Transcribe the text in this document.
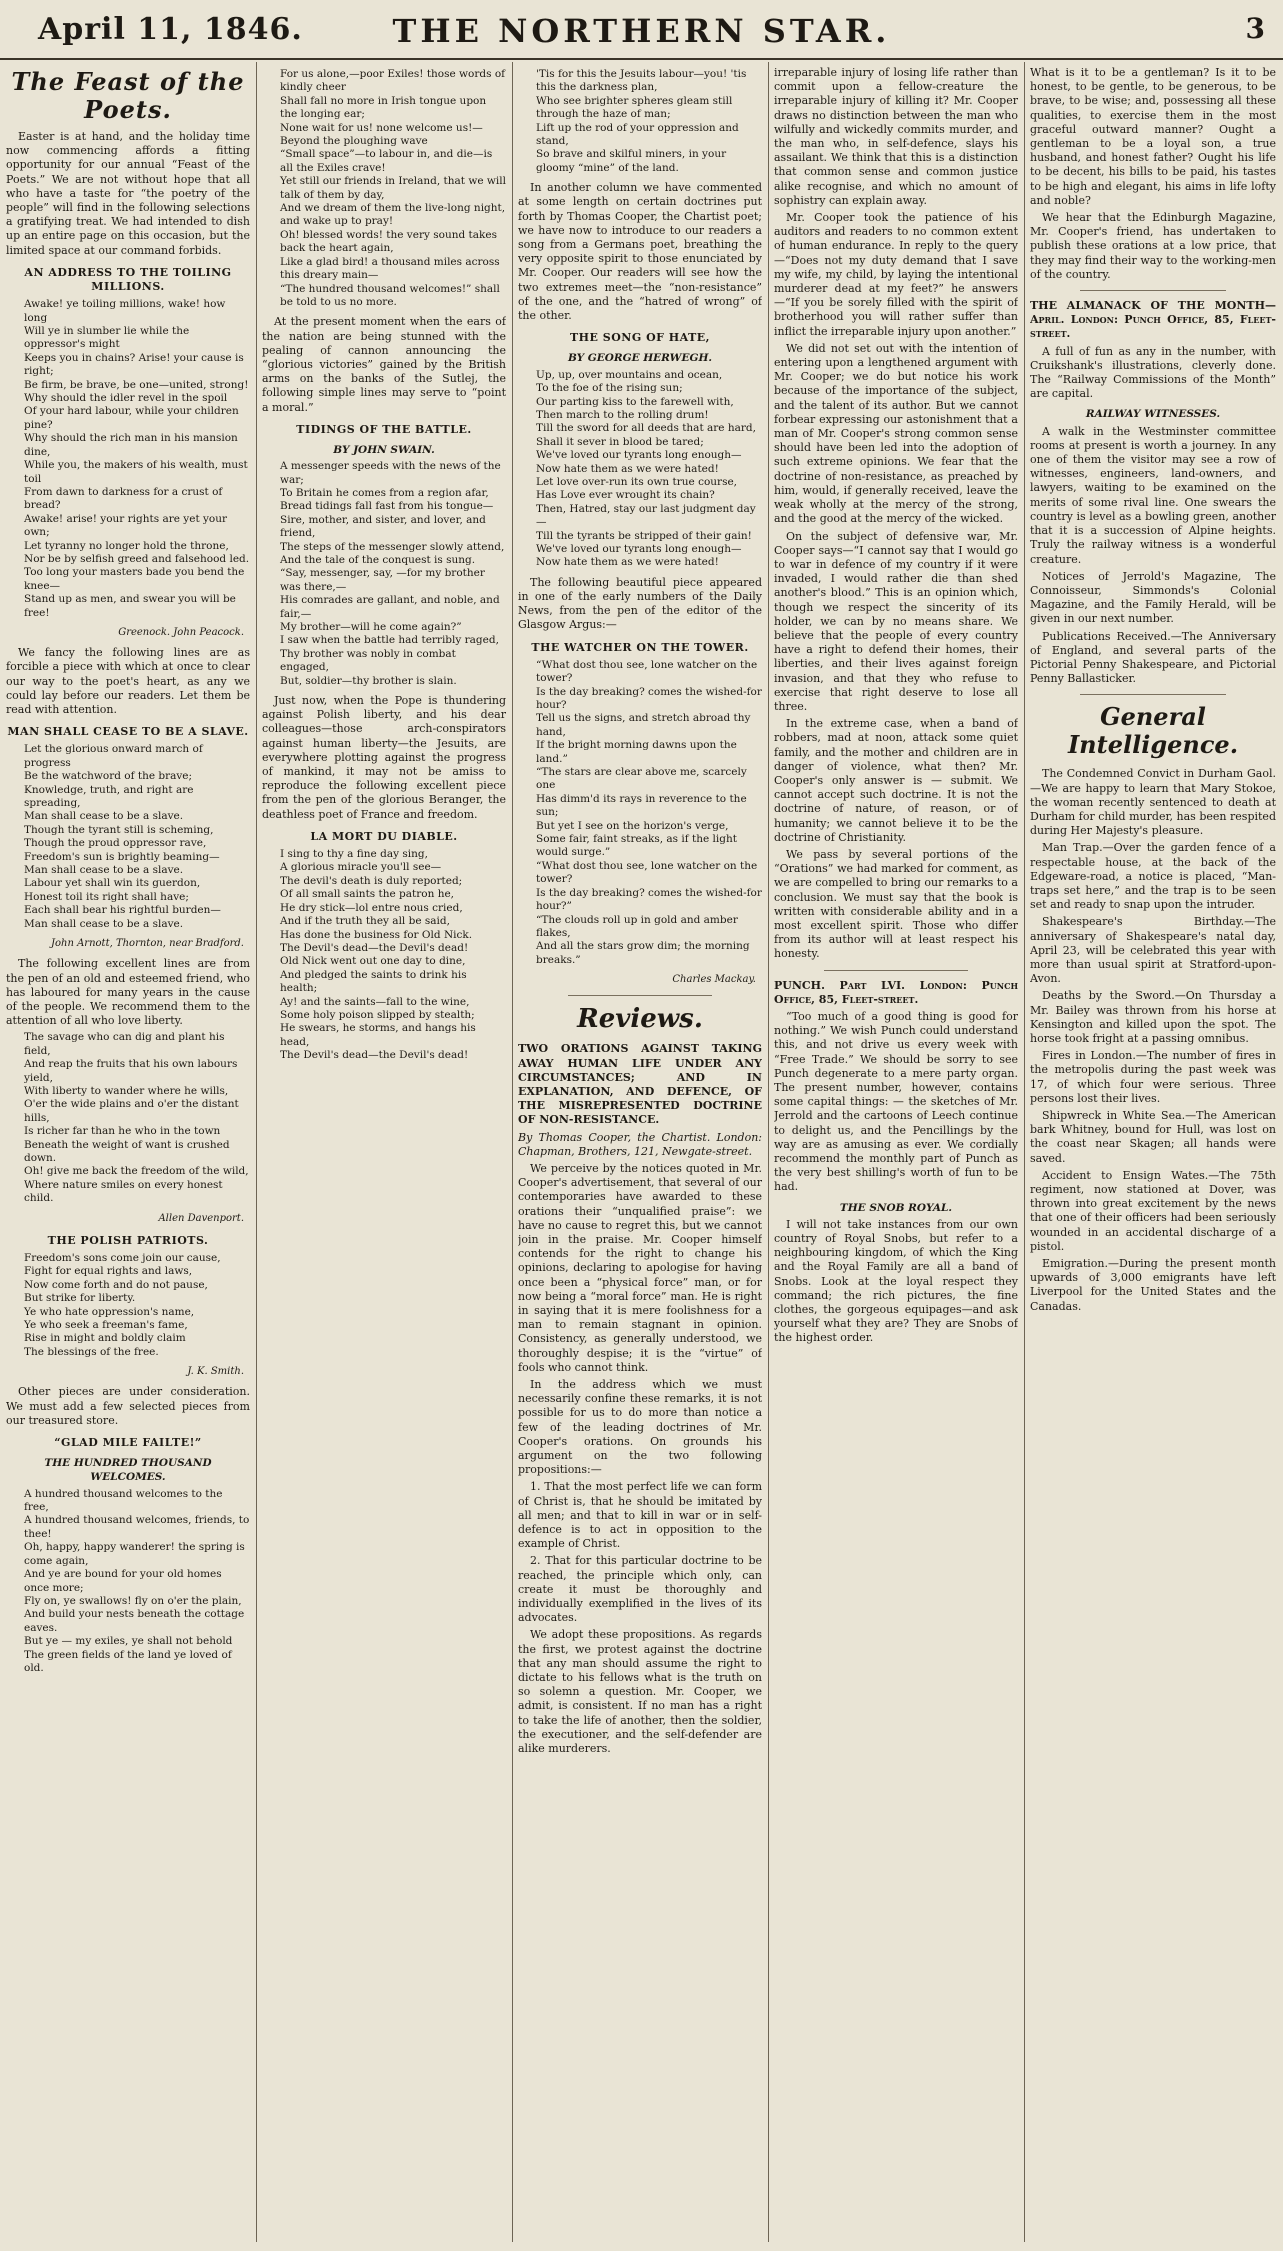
April 11, 1846.	THE NORTHERN STAR.	3
The Feast of the Poets.

Easter is at hand, and the holiday time now commencing affords a fitting opportunity for our annual “Feast of the Poets.” We are not without hope that all who have a taste for “the poetry of the people” will find in the following selections a gratifying treat. We had intended to dish up an entire page on this occasion, but the limited space at our command forbids.

AN ADDRESS TO THE TOILING MILLIONS.
Awake! ye toiling millions, wake! how long
Will ye in slumber lie while the oppressor's might
Keeps you in chains? Arise! your cause is right;
Be firm, be brave, be one—united, strong!
Why should the idler revel in the spoil
Of your hard labour, while your children pine?
Why should the rich man in his mansion dine,
While you, the makers of his wealth, must toil
From dawn to darkness for a crust of bread?
Awake! arise! your rights are yet your own;
Let tyranny no longer hold the throne,
Nor be by selfish greed and falsehood led.
Too long your masters bade you bend the knee—
Stand up as men, and swear you will be free!
Greenock. John Peacock.

We fancy the following lines are as forcible a piece with which at once to clear our way to the poet's heart, as any we could lay before our readers. Let them be read with attention.

MAN SHALL CEASE TO BE A SLAVE.
Let the glorious onward march of progress
Be the watchword of the brave;
Knowledge, truth, and right are spreading,
Man shall cease to be a slave.
Though the tyrant still is scheming,
Though the proud oppressor rave,
Freedom's sun is brightly beaming—
Man shall cease to be a slave.
Labour yet shall win its guerdon,
Honest toil its right shall have;
Each shall bear his rightful burden—
Man shall cease to be a slave.
John Arnott, Thornton, near Bradford.

The following excellent lines are from the pen of an old and esteemed friend, who has laboured for many years in the cause of the people. We recommend them to the attention of all who love liberty.

The savage who can dig and plant his field,
And reap the fruits that his own labours yield,
With liberty to wander where he wills,
O'er the wide plains and o'er the distant hills,
Is richer far than he who in the town
Beneath the weight of want is crushed down.
Oh! give me back the freedom of the wild,
Where nature smiles on every honest child.
Allen Davenport.
THE POLISH PATRIOTS.
Freedom's sons come join our cause,
Fight for equal rights and laws,
Now come forth and do not pause,
But strike for liberty.
Ye who hate oppression's name,
Ye who seek a freeman's fame,
Rise in might and boldly claim
The blessings of the free.
J. K. Smith.

Other pieces are under consideration. We must add a few selected pieces from our treasured store.

“GLAD MILE FAILTE!”
THE HUNDRED THOUSAND WELCOMES.
A hundred thousand welcomes to the free,
A hundred thousand welcomes, friends, to thee!
Oh, happy, happy wanderer! the spring is come again,
And ye are bound for your old homes once more;
Fly on, ye swallows! fly on o'er the plain,
And build your nests beneath the cottage eaves.
But ye — my exiles, ye shall not behold
The green fields of the land ye loved of old.
For us alone,—poor Exiles! those words of kindly cheer
Shall fall no more in Irish tongue upon the longing ear;
None wait for us! none welcome us!—Beyond the ploughing wave
“Small space”—to labour in, and die—is all the Exiles crave!
Yet still our friends in Ireland, that we will talk of them by day,
And we dream of them the live-long night, and wake up to pray!
Oh! blessed words! the very sound takes back the heart again,
Like a glad bird! a thousand miles across this dreary main—
“The hundred thousand welcomes!” shall be told to us no more.

At the present moment when the ears of the nation are being stunned with the pealing of cannon announcing the “glorious victories” gained by the British arms on the banks of the Sutlej, the following simple lines may serve to “point a moral.”

TIDINGS OF THE BATTLE.
BY JOHN SWAIN.
A messenger speeds with the news of the war;
To Britain he comes from a region afar,
Bread tidings fall fast from his tongue—
Sire, mother, and sister, and lover, and friend,
The steps of the messenger slowly attend,
And the tale of the conquest is sung.
“Say, messenger, say, —for my brother was there,—
His comrades are gallant, and noble, and fair,—
My brother—will he come again?”
I saw when the battle had terribly raged,
Thy brother was nobly in combat engaged,
But, soldier—thy brother is slain.

Just now, when the Pope is thundering against Polish liberty, and his dear colleagues—those arch-conspirators against human liberty—the Jesuits, are everywhere plotting against the progress of mankind, it may not be amiss to reproduce the following excellent piece from the pen of the glorious Beranger, the deathless poet of France and freedom.

LA MORT DU DIABLE.
I sing to thy a fine day sing,
A glorious miracle you'll see—
The devil's death is duly reported;
Of all small saints the patron he,
He dry stick—lol entre nous cried,
And if the truth they all be said,
Has done the business for Old Nick.
The Devil's dead—the Devil's dead!
Old Nick went out one day to dine,
And pledged the saints to drink his health;
Ay! and the saints—fall to the wine,
Some holy poison slipped by stealth;
He swears, he storms, and hangs his head,
The Devil's dead—the Devil's dead!
'Tis for this the Jesuits labour—you! 'tis this the darkness plan,
Who see brighter spheres gleam still through the haze of man;
Lift up the rod of your oppression and stand,
So brave and skilful miners, in your gloomy “mine” of the land.

In another column we have commented at some length on certain doctrines put forth by Thomas Cooper, the Chartist poet; we have now to introduce to our readers a song from a Germans poet, breathing the very opposite spirit to those enunciated by Mr. Cooper. Our readers will see how the two extremes meet—the “non-resistance” of the one, and the “hatred of wrong” of the other.

THE SONG OF HATE,
BY GEORGE HERWEGH.
Up, up, over mountains and ocean,
To the foe of the rising sun;
Our parting kiss to the farewell with,
Then march to the rolling drum!
Till the sword for all deeds that are hard,
Shall it sever in blood be tared;
We've loved our tyrants long enough—
Now hate them as we were hated!
Let love over-run its own true course,
Has Love ever wrought its chain?
Then, Hatred, stay our last judgment day—
Till the tyrants be stripped of their gain!
We've loved our tyrants long enough—
Now hate them as we were hated!

The following beautiful piece appeared in one of the early numbers of the Daily News, from the pen of the editor of the Glasgow Argus:—

THE WATCHER ON THE TOWER.
“What dost thou see, lone watcher on the tower?
Is the day breaking? comes the wished-for hour?
Tell us the signs, and stretch abroad thy hand,
If the bright morning dawns upon the land.”
“The stars are clear above me, scarcely one
Has dimm'd its rays in reverence to the sun;
But yet I see on the horizon's verge,
Some fair, faint streaks, as if the light would surge.”
“What dost thou see, lone watcher on the tower?
Is the day breaking? comes the wished-for hour?”
“The clouds roll up in gold and amber flakes,
And all the stars grow dim; the morning breaks.”
Charles Mackay.
Reviews.

TWO ORATIONS AGAINST TAKING AWAY HUMAN LIFE UNDER ANY CIRCUMSTANCES; AND IN EXPLANATION, AND DEFENCE, OF THE MISREPRESENTED DOCTRINE OF NON-RESISTANCE.

By Thomas Cooper, the Chartist. London: Chapman, Brothers, 121, Newgate-street.

We perceive by the notices quoted in Mr. Cooper's advertisement, that several of our contemporaries have awarded to these orations their “unqualified praise”: we have no cause to regret this, but we cannot join in the praise. Mr. Cooper himself contends for the right to change his opinions, declaring to apologise for having once been a “physical force” man, or for now being a “moral force” man. He is right in saying that it is mere foolishness for a man to remain stagnant in opinion. Consistency, as generally understood, we thoroughly despise; it is the “virtue” of fools who cannot think.

In the address which we must necessarily confine these remarks, it is not possible for us to do more than notice a few of the leading doctrines of Mr. Cooper's orations. On grounds his argument on the two following propositions:—

1. That the most perfect life we can form of Christ is, that he should be imitated by all men; and that to kill in war or in self-defence is to act in opposition to the example of Christ.

2. That for this particular doctrine to be reached, the principle which only, can create it must be thoroughly and individually exemplified in the lives of its advocates.

We adopt these propositions. As regards the first, we protest against the doctrine that any man should assume the right to dictate to his fellows what is the truth on so solemn a question. Mr. Cooper, we admit, is consistent. If no man has a right to take the life of another, then the soldier, the executioner, and the self-defender are alike murderers.

irreparable injury of losing life rather than commit upon a fellow-creature the irreparable injury of killing it? Mr. Cooper draws no distinction between the man who wilfully and wickedly commits murder, and the man who, in self-defence, slays his assailant. We think that this is a distinction that common sense and common justice alike recognise, and which no amount of sophistry can explain away.

Mr. Cooper took the patience of his auditors and readers to no common extent of human endurance. In reply to the query—“Does not my duty demand that I save my wife, my child, by laying the intentional murderer dead at my feet?” he answers—“If you be sorely filled with the spirit of brotherhood you will rather suffer than inflict the irreparable injury upon another.”

We did not set out with the intention of entering upon a lengthened argument with Mr. Cooper; we do but notice his work because of the importance of the subject, and the talent of its author. But we cannot forbear expressing our astonishment that a man of Mr. Cooper's strong common sense should have been led into the adoption of such extreme opinions. We fear that the doctrine of non-resistance, as preached by him, would, if generally received, leave the weak wholly at the mercy of the strong, and the good at the mercy of the wicked.

On the subject of defensive war, Mr. Cooper says—“I cannot say that I would go to war in defence of my country if it were invaded, I would rather die than shed another's blood.” This is an opinion which, though we respect the sincerity of its holder, we can by no means share. We believe that the people of every country have a right to defend their homes, their liberties, and their lives against foreign invasion, and that they who refuse to exercise that right deserve to lose all three.

In the extreme case, when a band of robbers, mad at noon, attack some quiet family, and the mother and children are in danger of violence, what then? Mr. Cooper's only answer is — submit. We cannot accept such doctrine. It is not the doctrine of nature, of reason, or of humanity; we cannot believe it to be the doctrine of Christianity.

We pass by several portions of the “Orations” we had marked for comment, as we are compelled to bring our remarks to a conclusion. We must say that the book is written with considerable ability and in a most excellent spirit. Those who differ from its author will at least respect his honesty.

PUNCH. Part LVI. London: Punch Office, 85, Fleet-street.

“Too much of a good thing is good for nothing.” We wish Punch could understand this, and not drive us every week with “Free Trade.” We should be sorry to see Punch degenerate to a mere party organ. The present number, however, contains some capital things: — the sketches of Mr. Jerrold and the cartoons of Leech continue to delight us, and the Pencillings by the way are as amusing as ever. We cordially recommend the monthly part of Punch as the very best shilling's worth of fun to be had.

THE SNOB ROYAL.

I will not take instances from our own country of Royal Snobs, but refer to a neighbouring kingdom, of which the King and the Royal Family are all a band of Snobs. Look at the loyal respect they command; the rich pictures, the fine clothes, the gorgeous equipages—and ask yourself what they are? They are Snobs of the highest order.

What is it to be a gentleman? Is it to be honest, to be gentle, to be generous, to be brave, to be wise; and, possessing all these qualities, to exercise them in the most graceful outward manner? Ought a gentleman to be a loyal son, a true husband, and honest father? Ought his life to be decent, his bills to be paid, his tastes to be high and elegant, his aims in life lofty and noble?

We hear that the Edinburgh Magazine, Mr. Cooper's friend, has undertaken to publish these orations at a low price, that they may find their way to the working-men of the country.

THE ALMANACK OF THE MONTH—April. London: Punch Office, 85, Fleet-street.

A full of fun as any in the number, with Cruikshank's illustrations, cleverly done. The “Railway Commissions of the Month” are capital.

RAILWAY WITNESSES.

A walk in the Westminster committee rooms at present is worth a journey. In any one of them the visitor may see a row of witnesses, engineers, land-owners, and lawyers, waiting to be examined on the merits of some rival line. One swears the country is level as a bowling green, another that it is a succession of Alpine heights. Truly the railway witness is a wonderful creature.

Notices of Jerrold's Magazine, The Connoisseur, Simmonds's Colonial Magazine, and the Family Herald, will be given in our next number.

Publications Received.—The Anniversary of England, and several parts of the Pictorial Penny Shakespeare, and Pictorial Penny Ballasticker.

General Intelligence.

The Condemned Convict in Durham Gaol.—We are happy to learn that Mary Stokoe, the woman recently sentenced to death at Durham for child murder, has been respited during Her Majesty's pleasure.

Man Trap.—Over the garden fence of a respectable house, at the back of the Edgeware-road, a notice is placed, “Man-traps set here,” and the trap is to be seen set and ready to snap upon the intruder.

Shakespeare's Birthday.—The anniversary of Shakespeare's natal day, April 23, will be celebrated this year with more than usual spirit at Stratford-upon-Avon.

Deaths by the Sword.—On Thursday a Mr. Bailey was thrown from his horse at Kensington and killed upon the spot. The horse took fright at a passing omnibus.

Fires in London.—The number of fires in the metropolis during the past week was 17, of which four were serious. Three persons lost their lives.

Shipwreck in White Sea.—The American bark Whitney, bound for Hull, was lost on the coast near Skagen; all hands were saved.

Accident to Ensign Wates.—The 75th regiment, now stationed at Dover, was thrown into great excitement by the news that one of their officers had been seriously wounded in an accidental discharge of a pistol.

Emigration.—During the present month upwards of 3,000 emigrants have left Liverpool for the United States and the Canadas.
